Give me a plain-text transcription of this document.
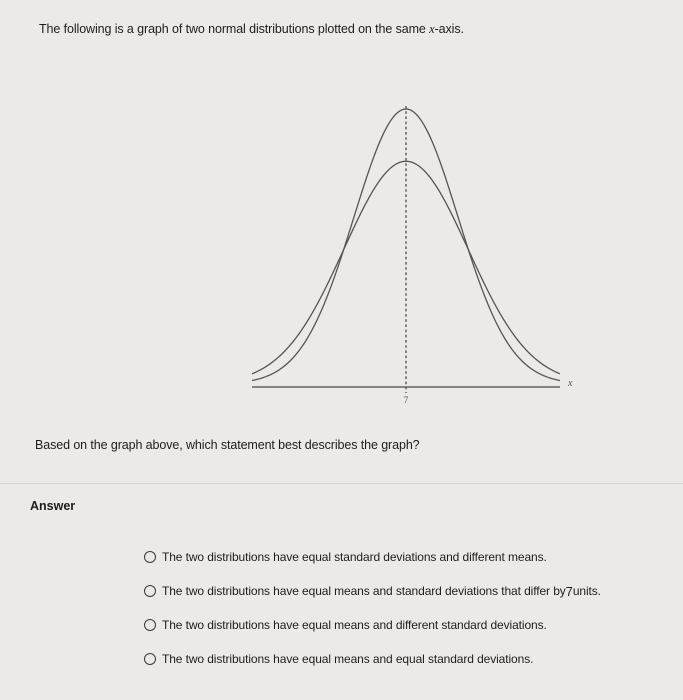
The following is a graph of two normal distributions plotted on the same x-axis.
7
x
Based on the graph above, which statement best describes the graph?
Answer
The two distributions have equal standard deviations and different means.
The two distributions have equal means and standard deviations that differ by 7 units.
The two distributions have equal means and different standard deviations.
The two distributions have equal means and equal standard deviations.
